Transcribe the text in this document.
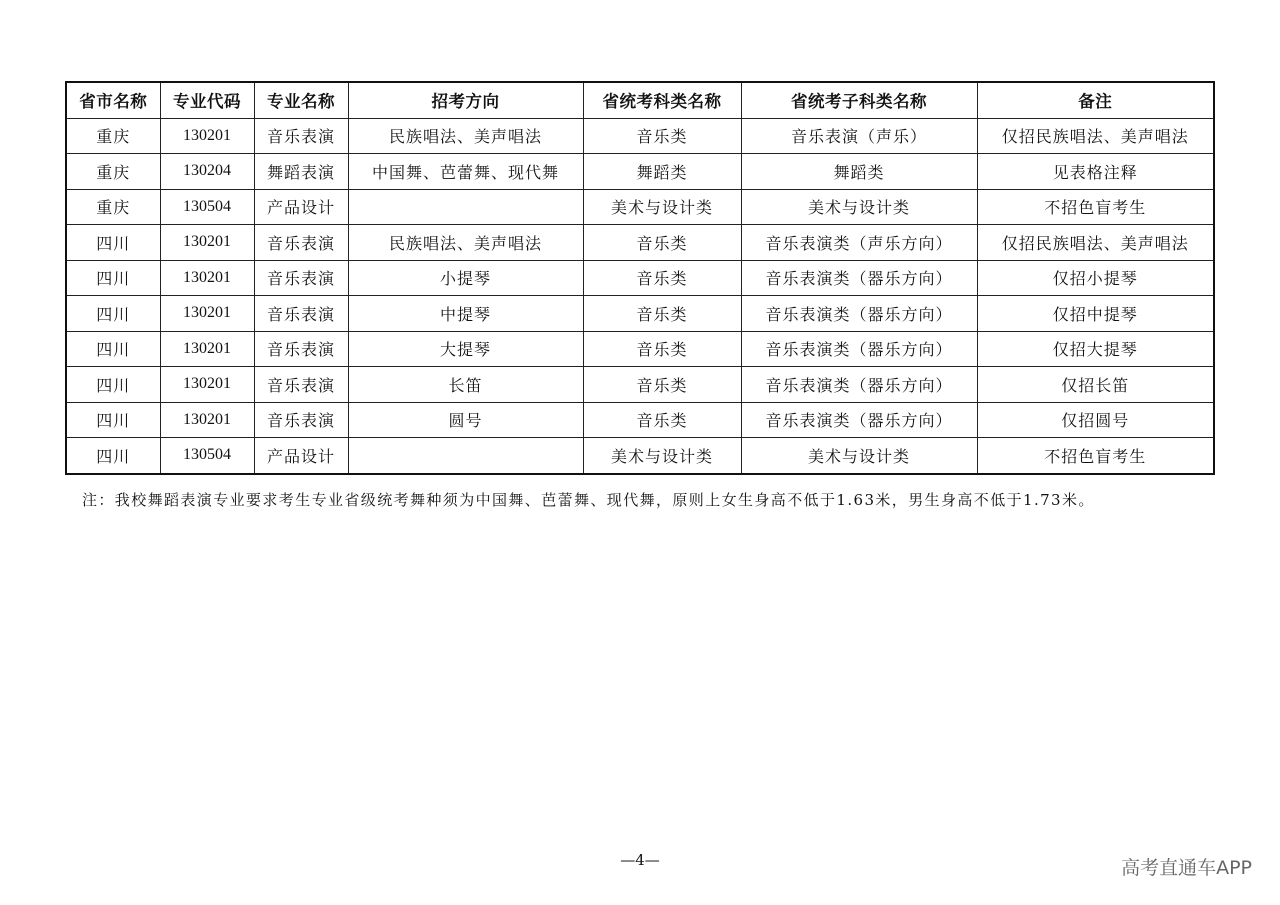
省市名称	专业代码	专业名称	招考方向	省统考科类名称	省统考子科类名称	备注
重庆	130201	音乐表演	民族唱法、美声唱法	音乐类	音乐表演（声乐）	仅招民族唱法、美声唱法
重庆	130204	舞蹈表演	中国舞、芭蕾舞、现代舞	舞蹈类	舞蹈类	见表格注释
重庆	130504	产品设计		美术与设计类	美术与设计类	不招色盲考生
四川	130201	音乐表演	民族唱法、美声唱法	音乐类	音乐表演类（声乐方向）	仅招民族唱法、美声唱法
四川	130201	音乐表演	小提琴	音乐类	音乐表演类（器乐方向）	仅招小提琴
四川	130201	音乐表演	中提琴	音乐类	音乐表演类（器乐方向）	仅招中提琴
四川	130201	音乐表演	大提琴	音乐类	音乐表演类（器乐方向）	仅招大提琴
四川	130201	音乐表演	长笛	音乐类	音乐表演类（器乐方向）	仅招长笛
四川	130201	音乐表演	圆号	音乐类	音乐表演类（器乐方向）	仅招圆号
四川	130504	产品设计		美术与设计类	美术与设计类	不招色盲考生
注：我校舞蹈表演专业要求考生专业省级统考舞种须为中国舞、芭蕾舞、现代舞，原则上女生身高不低于1.63米，男生身高不低于1.73米。
—4—	高考直通车APP
